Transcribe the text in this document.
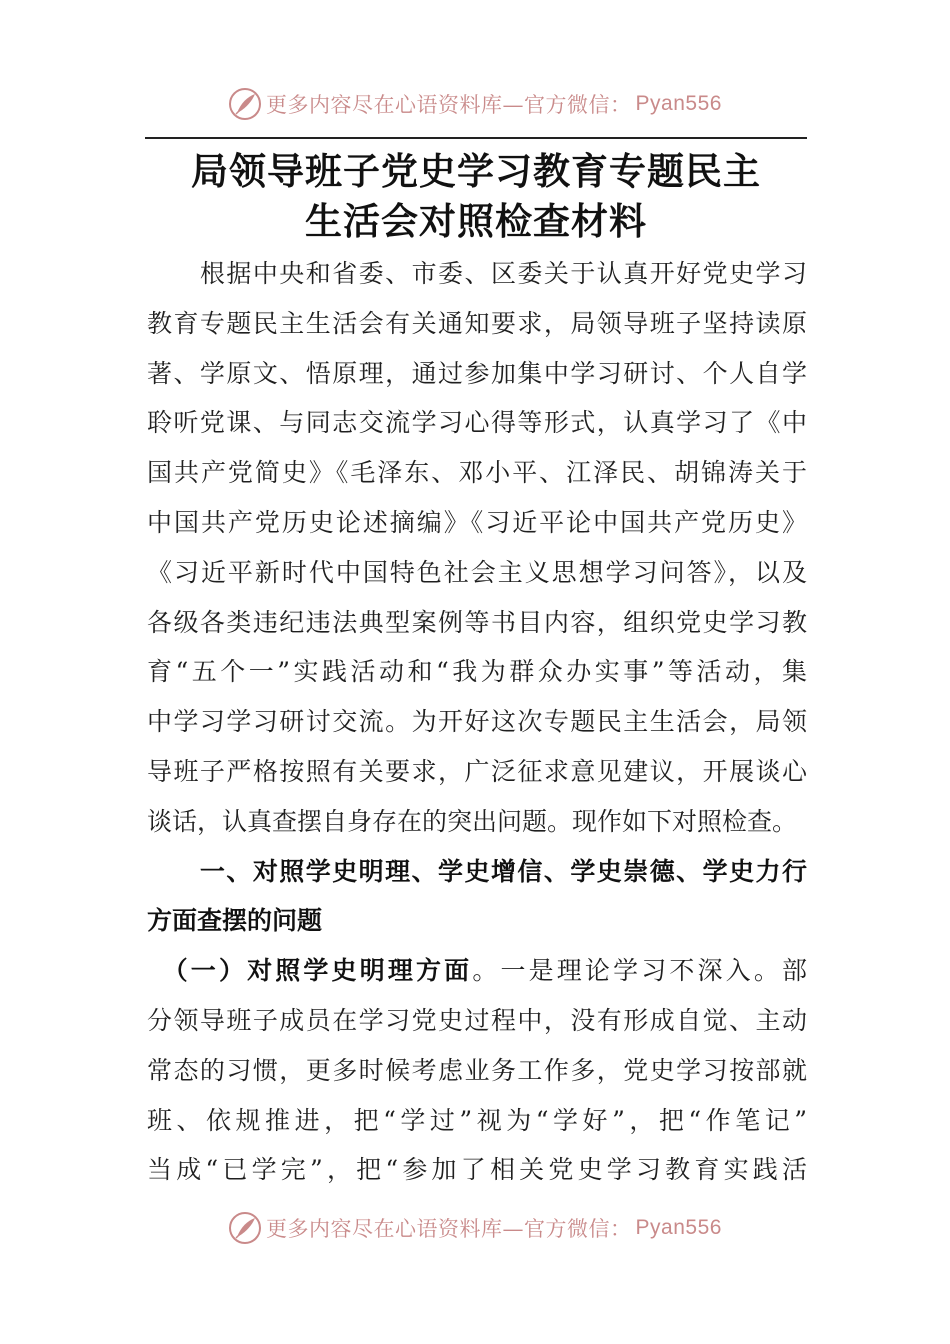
更多内容尽在心语资料库—官方微信： Pyan556
局领导班子党史学习教育专题民主
生活会对照检查材料
　　根据中央和省委、市委、区委关于认真开好党史学习
教育专题民主生活会有关通知要求，局领导班子坚持读原
著、学原文、悟原理，通过参加集中学习研讨、个人自学
聆听党课、与同志交流学习心得等形式，认真学习了《中
国共产党简史》《毛泽东、邓小平、江泽民、胡锦涛关于
中国共产党历史论述摘编》《习近平论中国共产党历史》
《习近平新时代中国特色社会主义思想学习问答》，以及
各级各类违纪违法典型案例等书目内容，组织党史学习教
育“五个一”实践活动和“我为群众办实事”等活动，集
中学习学习研讨交流。为开好这次专题民主生活会，局领
导班子严格按照有关要求，广泛征求意见建议，开展谈心
谈话，认真查摆自身存在的突出问题。现作如下对照检查。
　　一、对照学史明理、学史增信、学史崇德、学史力行
方面查摆的问题
　（一）对照学史明理方面。一是理论学习不深入。部
分领导班子成员在学习党史过程中，没有形成自觉、主动
常态的习惯，更多时候考虑业务工作多，党史学习按部就
班、依规推进，把“学过”视为“学好”，把“作笔记”
当成“已学完”，把“参加了相关党史学习教育实践活
更多内容尽在心语资料库—官方微信： Pyan556
